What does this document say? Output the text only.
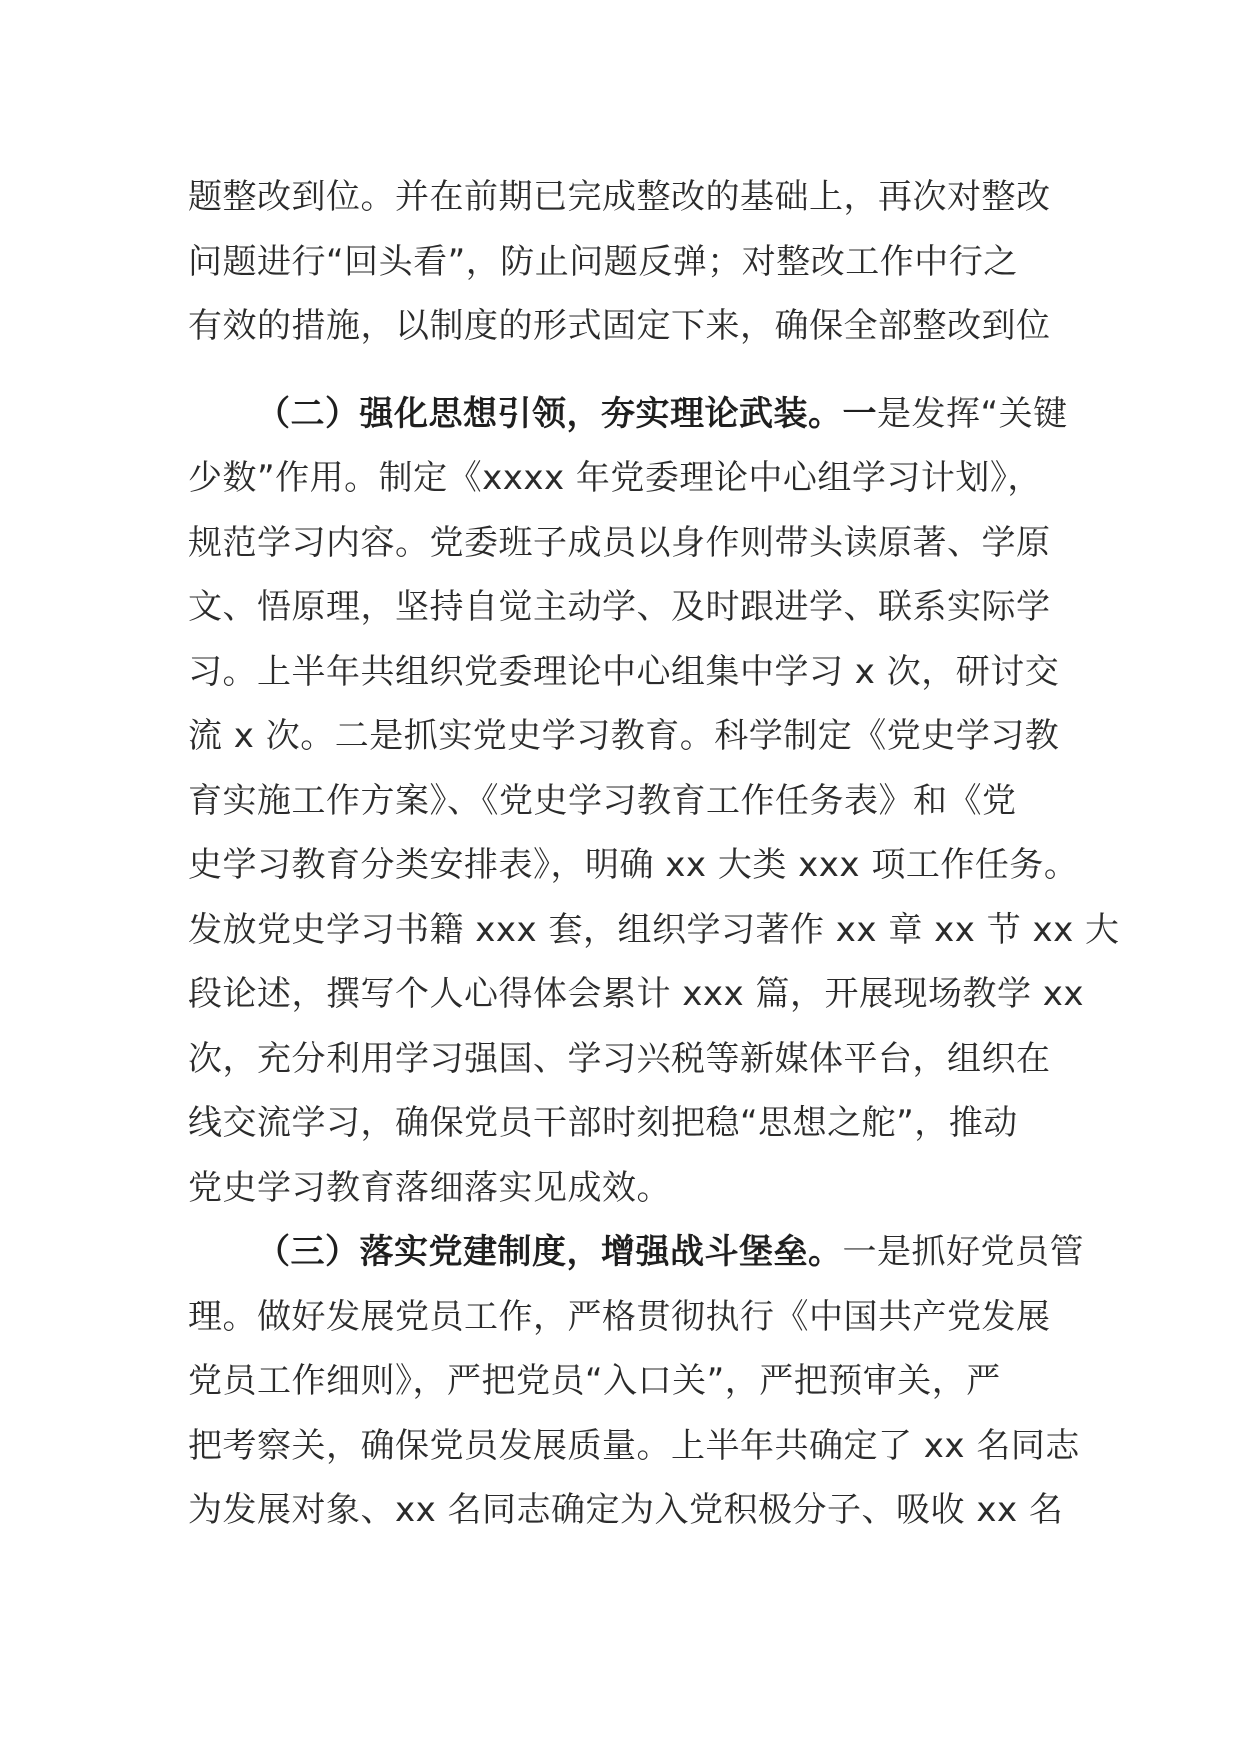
题整改到位。并在前期已完成整改的基础上，再次对整改
问题进行“回头看”，防止问题反弹；对整改工作中行之
有效的措施，以制度的形式固定下来，确保全部整改到位

（二）强化思想引领，夯实理论武装。一是发挥“关键
少数”作用。制定《xxxx 年党委理论中心组学习计划》，
规范学习内容。党委班子成员以身作则带头读原著、学原
文、悟原理，坚持自觉主动学、及时跟进学、联系实际学
习。上半年共组织党委理论中心组集中学习 x 次，研讨交
流 x 次。二是抓实党史学习教育。科学制定《党史学习教
育实施工作方案》、《党史学习教育工作任务表》和《党
史学习教育分类安排表》，明确 xx 大类 xxx 项工作任务。
发放党史学习书籍 xxx 套，组织学习著作 xx 章 xx 节 xx 大
段论述，撰写个人心得体会累计 xxx 篇，开展现场教学 xx
次，充分利用学习强国、学习兴税等新媒体平台，组织在
线交流学习，确保党员干部时刻把稳“思想之舵”，推动
党史学习教育落细落实见成效。

（三）落实党建制度，增强战斗堡垒。一是抓好党员管
理。做好发展党员工作，严格贯彻执行《中国共产党发展
党员工作细则》，严把党员“入口关”，严把预审关，严
把考察关，确保党员发展质量。上半年共确定了 xx 名同志
为发展对象、xx 名同志确定为入党积极分子、吸收 xx 名
